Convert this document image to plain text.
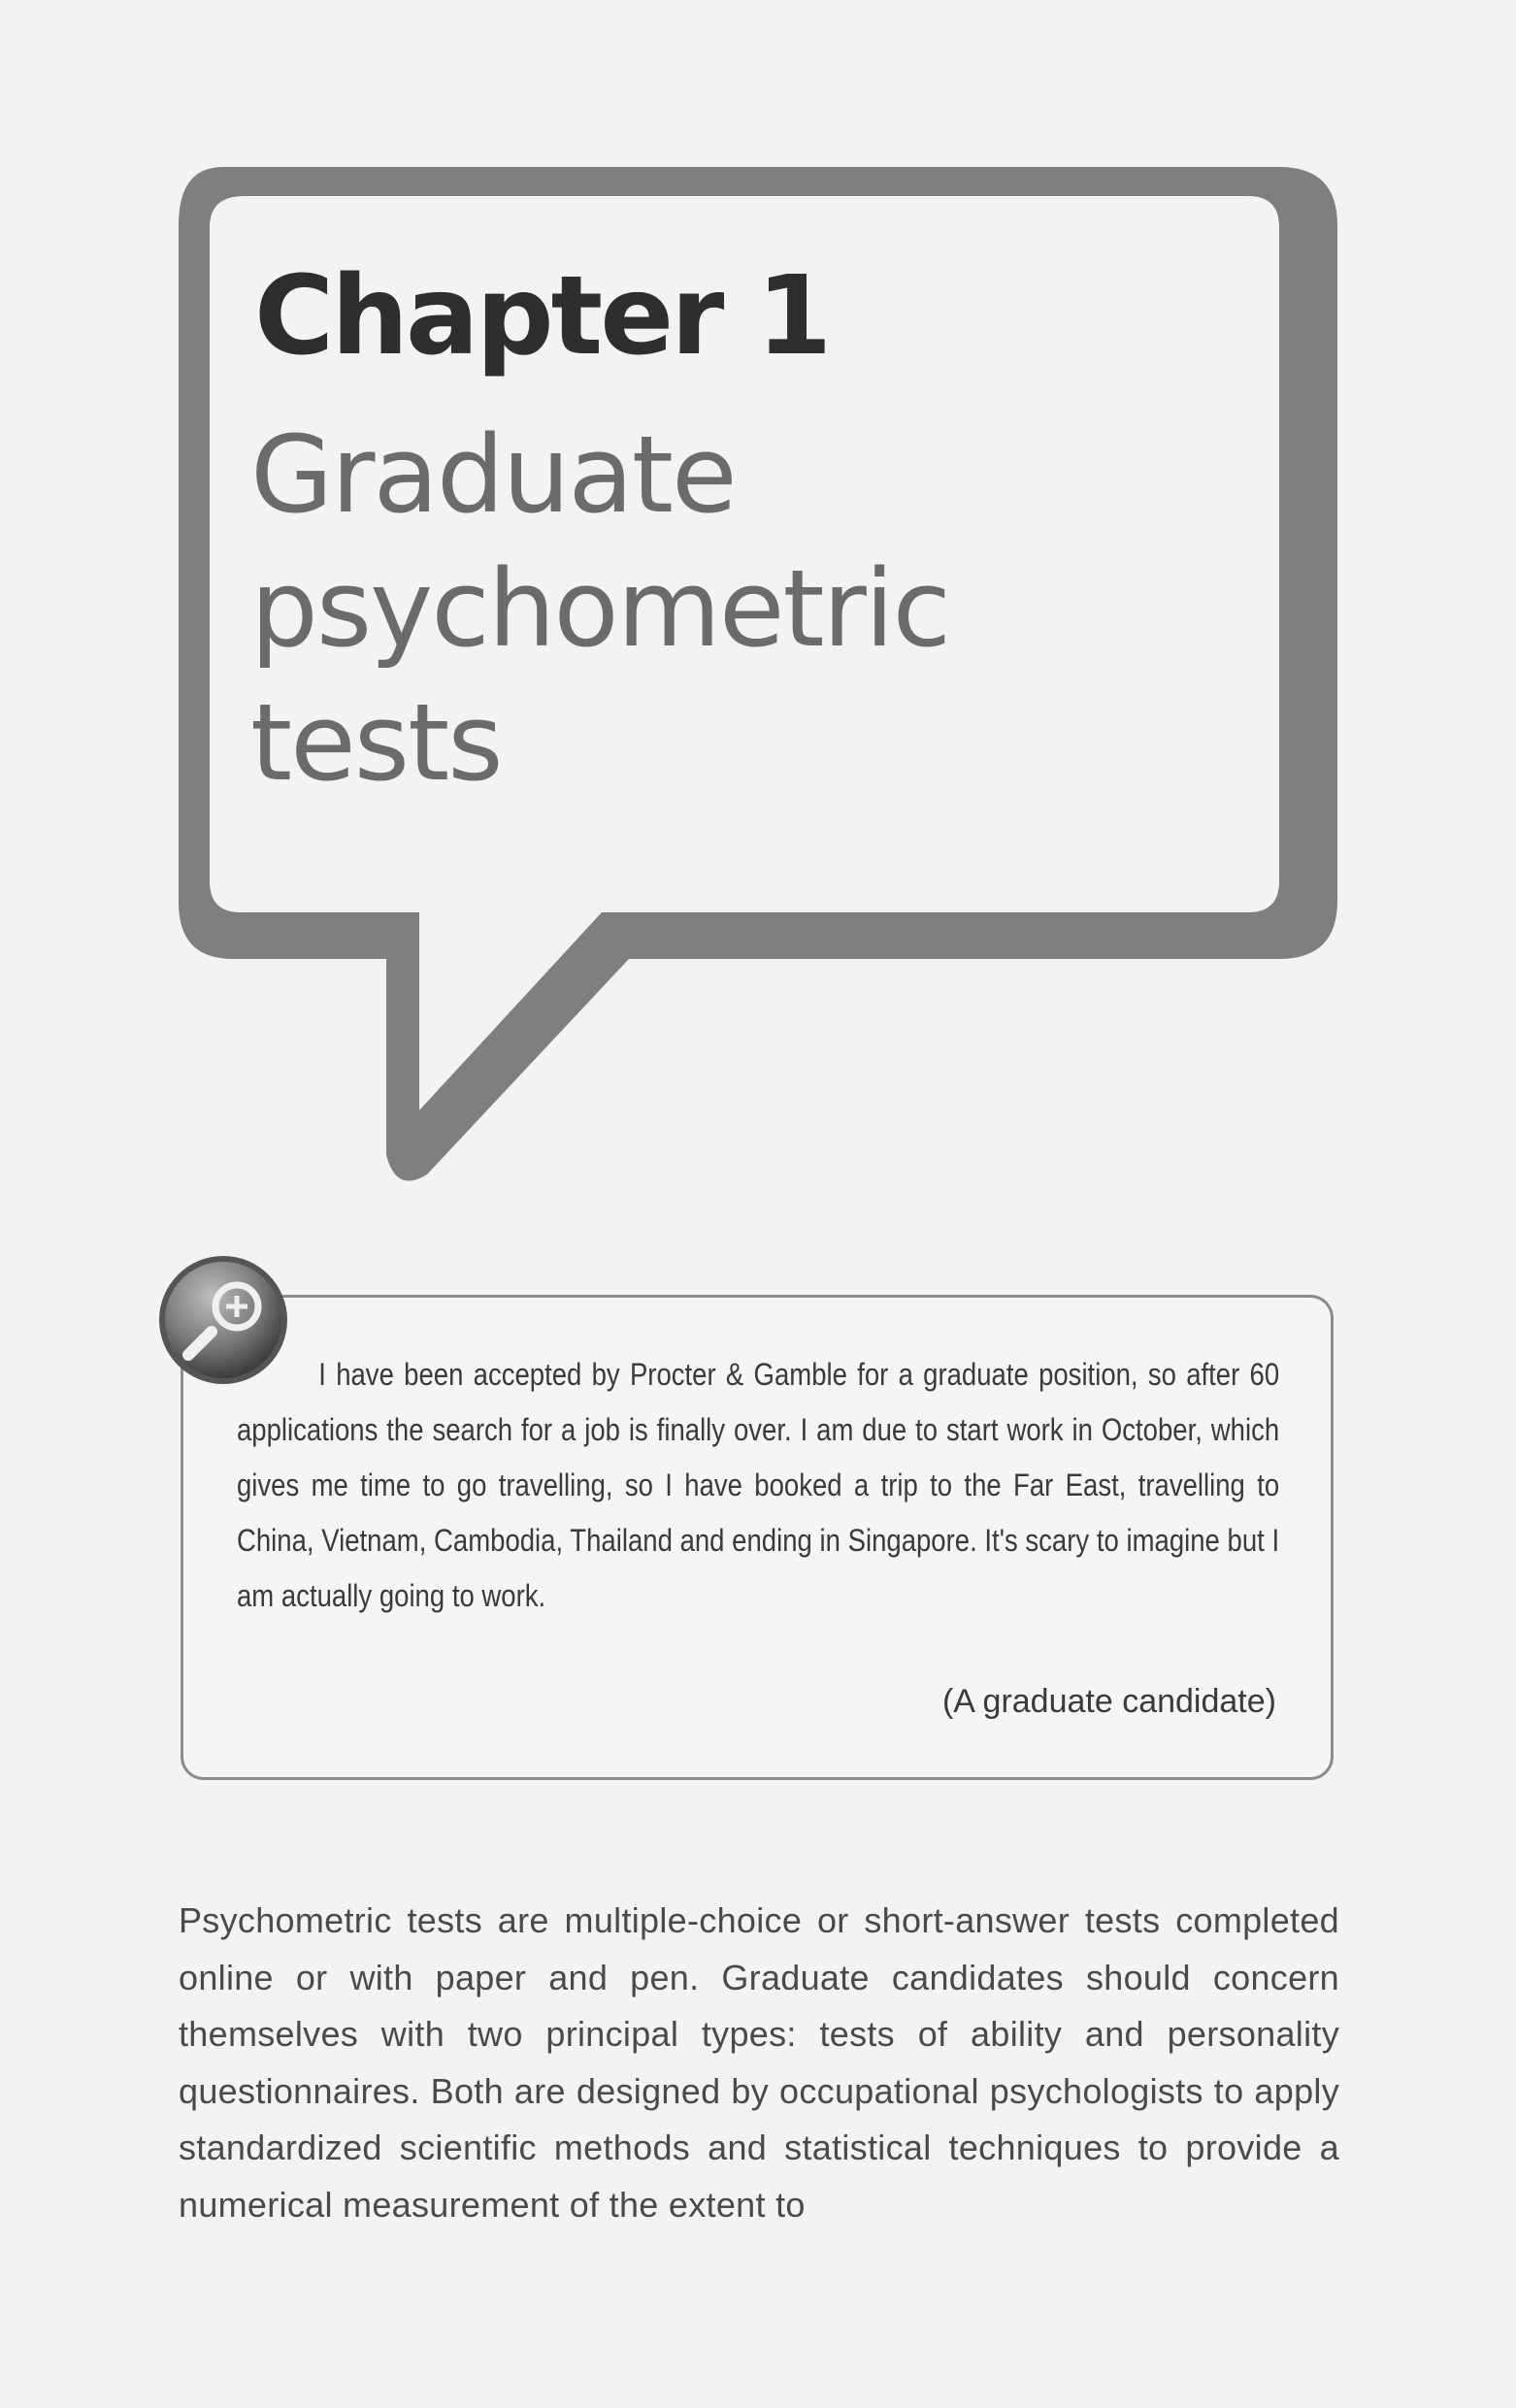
Chapter 1
Graduate
psychometric
tests

I have been accepted by Procter & Gamble for a graduate position, so after 60 applications the search for a job is finally over. I am due to start work in October, which gives me time to go travelling, so I have booked a trip to the Far East, travelling to China, Vietnam, Cambodia, Thailand and ending in Singapore. It's scary to imagine but I am actually going to work.

(A graduate candidate)

Psychometric tests are multiple-choice or short-answer tests completed online or with paper and pen. Graduate candidates should concern themselves with two principal types: tests of ability and personality questionnaires. Both are designed by occupational psychologists to apply standardized scientific methods and statistical techniques to provide a numerical measurement of the extent to
